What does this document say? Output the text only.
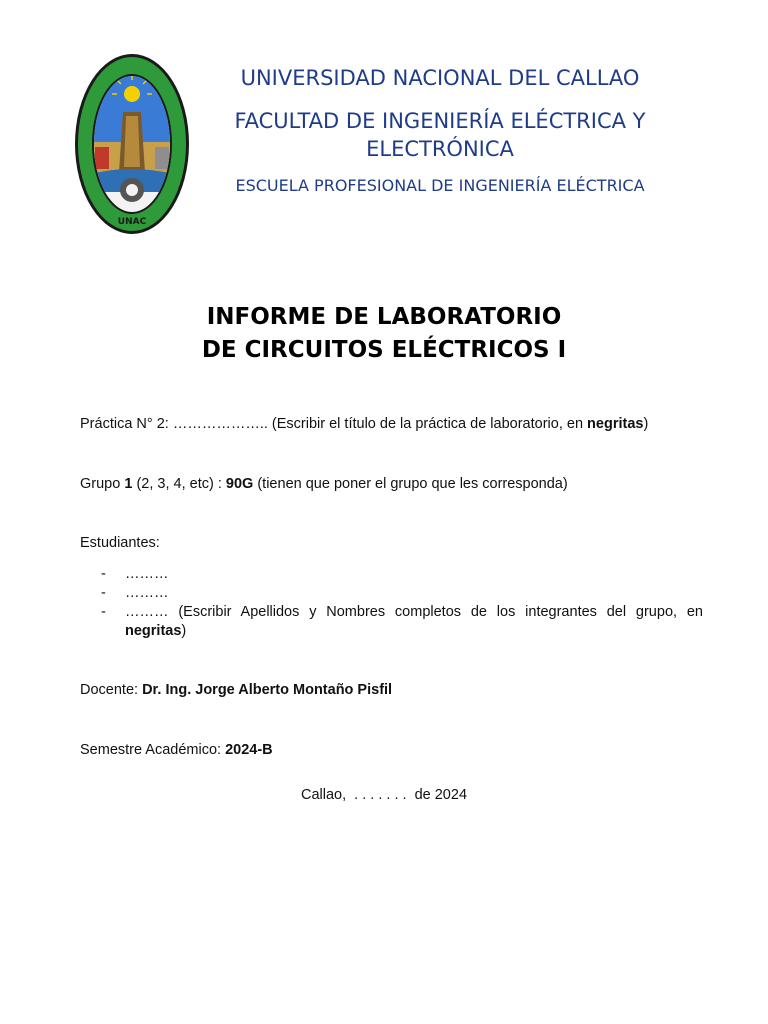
UNAC
UNIVERSIDAD NACIONAL DEL CALLAO
FACULTAD DE INGENIERÍA ELÉCTRICA Y ELECTRÓNICA
ESCUELA PROFESIONAL DE INGENIERÍA ELÉCTRICA
INFORME DE LABORATORIO
DE CIRCUITOS ELÉCTRICOS I
Práctica N° 2: ……………….. (Escribir el título de la práctica de laboratorio, en negritas)
Grupo 1 (2, 3, 4, etc) : 90G (tienen que poner el grupo que les corresponda)
Estudiantes:
- ………
- ………
- ……… (Escribir Apellidos y Nombres completos de los integrantes del grupo, en negritas)
Docente: Dr. Ing. Jorge Alberto Montaño Pisfil
Semestre Académico: 2024-B
Callao,  . . . . . . .  de 2024
